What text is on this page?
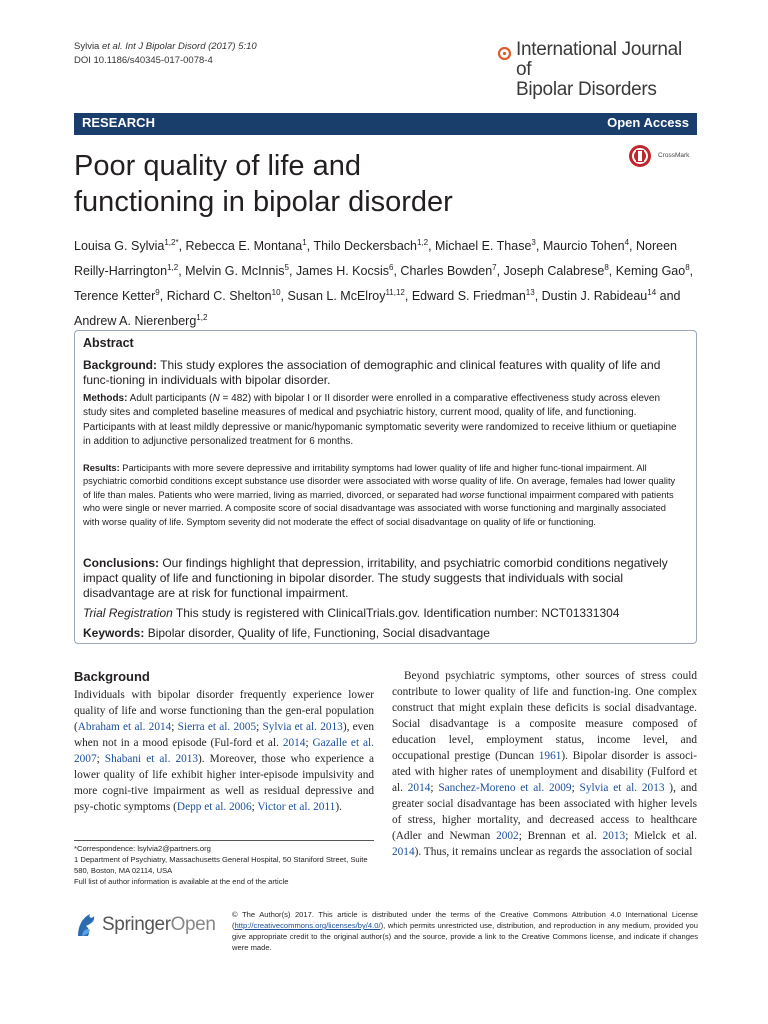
Sylvia et al. Int J Bipolar Disord (2017) 5:10
DOI 10.1186/s40345-017-0078-4
International Journal of
Bipolar Disorders
RESEARCH	Open Access
Poor quality of life and
functioning in bipolar disorder
CrossMark
Louisa G. Sylvia$^{1,2*}$, Rebecca E. Montana$^1$, Thilo Deckersbach$^{1,2}$, Michael E. Thase$^3$, Maurcio Tohen$^4$, Noreen Reilly-Harrington$^{1,2}$, Melvin G. McInnis$^5$, James H. Kocsis$^6$, Charles Bowden$^7$, Joseph Calabrese$^8$, Keming Gao$^8$, Terence Ketter$^9$, Richard C. Shelton$^{10}$, Susan L. McElroy$^{11,12}$, Edward S. Friedman$^{13}$, Dustin J. Rabideau$^{14}$ and Andrew A. Nierenberg$^{1,2}$
Abstract
Background: This study explores the association of demographic and clinical features with quality of life and func-tioning in individuals with bipolar disorder.
Methods: Adult participants (N = 482) with bipolar I or II disorder were enrolled in a comparative effectiveness study across eleven study sites and completed baseline measures of medical and psychiatric history, current mood, quality of life, and functioning. Participants with at least mildly depressive or manic/hypomanic symptomatic severity were randomized to receive lithium or quetiapine in addition to adjunctive personalized treatment for 6 months.
Results: Participants with more severe depressive and irritability symptoms had lower quality of life and higher func-tional impairment. All psychiatric comorbid conditions except substance use disorder were associated with worse quality of life. On average, females had lower quality of life than males. Patients who were married, living as married, divorced, or separated had worse functional impairment compared with patients who were single or never married. A composite score of social disadvantage was associated with worse functioning and marginally associated with worse quality of life. Symptom severity did not moderate the effect of social disadvantage on quality of life or functioning.
Conclusions: Our findings highlight that depression, irritability, and psychiatric comorbid conditions negatively impact quality of life and functioning in bipolar disorder. The study suggests that individuals with social disadvantage are at risk for functional impairment.
Trial Registration This study is registered with ClinicalTrials.gov. Identification number: NCT01331304
Keywords: Bipolar disorder, Quality of life, Functioning, Social disadvantage
Background
Individuals with bipolar disorder frequently experience lower quality of life and worse functioning than the gen-eral population (Abraham et al. 2014; Sierra et al. 2005; Sylvia et al. 2013), even when not in a mood episode (Ful-ford et al. 2014; Gazalle et al. 2007; Shabani et al. 2013). Moreover, those who experience a lower quality of life exhibit higher inter-episode impulsivity and more cogni-tive impairment as well as residual depressive and psy-chotic symptoms (Depp et al. 2006; Victor et al. 2011).

Beyond psychiatric symptoms, other sources of stress could contribute to lower quality of life and function-ing. One complex construct that might explain these deficits is social disadvantage. Social disadvantage is a composite measure composed of education level, employment status, income level, and occupational prestige (Duncan 1961). Bipolar disorder is associ-ated with higher rates of unemployment and disability (Fulford et al. 2014; Sanchez-Moreno et al. 2009; Sylvia et al. 2013 ), and greater social disadvantage has been associated with higher levels of stress, higher mortality, and decreased access to healthcare (Adler and Newman 2002; Brennan et al. 2013; Mielck et al. 2014). Thus, it remains unclear as regards the association of social

*Correspondence: lsylvia2@partners.org
1 Department of Psychiatry, Massachusetts General Hospital, 50 Staniford Street, Suite 580, Boston, MA 02114, USA
Full list of author information is available at the end of the article
SpringerOpen © The Author(s) 2017. This article is distributed under the terms of the Creative Commons Attribution 4.0 International License (http://creativecommons.org/licenses/by/4.0/), which permits unrestricted use, distribution, and reproduction in any medium, provided you give appropriate credit to the original author(s) and the source, provide a link to the Creative Commons license, and indicate if changes were made.
